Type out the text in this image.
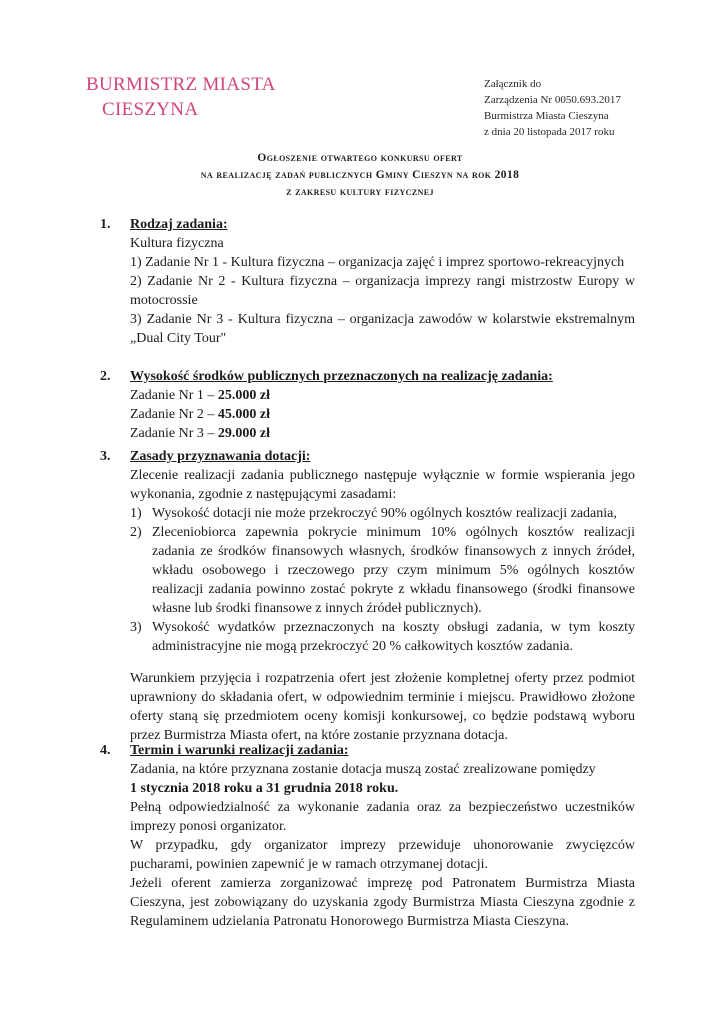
BURMISTRZ MIASTA
CIESZYNA
Załącznik do
Zarządzenia Nr 0050.693.2017
Burmistrza Miasta Cieszyna
z dnia 20 listopada 2017 roku
Ogłoszenie otwartego konkursu ofert
na realizację zadań publicznych Gminy Cieszyn na rok 2018
z zakresu kultury fizycznej
1. Rodzaj zadania:

Kultura fizyczna

1) Zadanie Nr 1 - Kultura fizyczna – organizacja zajęć i imprez sportowo-rekreacyjnych

2) Zadanie Nr 2 - Kultura fizyczna – organizacja imprezy rangi mistrzostw Europy w motocrossie

3) Zadanie Nr 3 - Kultura fizyczna – organizacja zawodów w kolarstwie ekstremalnym „Dual City Tour"

2. Wysokość środków publicznych przeznaczonych na realizację zadania:

Zadanie Nr 1 – 25.000 zł

Zadanie Nr 2 – 45.000 zł

Zadanie Nr 3 – 29.000 zł

3. Zasady przyznawania dotacji:

Zlecenie realizacji zadania publicznego następuje wyłącznie w formie wspierania jego wykonania, zgodnie z następującymi zasadami:

1) Wysokość dotacji nie może przekroczyć 90% ogólnych kosztów realizacji zadania,
2) Zleceniobiorca zapewnia pokrycie minimum 10% ogólnych kosztów realizacji zadania ze środków finansowych własnych, środków finansowych z innych źródeł, wkładu osobowego i rzeczowego przy czym minimum 5% ogólnych kosztów realizacji zadania powinno zostać pokryte z wkładu finansowego (środki finansowe własne lub środki finansowe z innych źródeł publicznych).
3) Wysokość wydatków przeznaczonych na koszty obsługi zadania, w tym koszty administracyjne nie mogą przekroczyć 20 % całkowitych kosztów zadania.

Warunkiem przyjęcia i rozpatrzenia ofert jest złożenie kompletnej oferty przez podmiot uprawniony do składania ofert, w odpowiednim terminie i miejscu. Prawidłowo złożone oferty staną się przedmiotem oceny komisji konkursowej, co będzie podstawą wyboru przez Burmistrza Miasta ofert, na które zostanie przyznana dotacja.

4. Termin i warunki realizacji zadania:

Zadania, na które przyznana zostanie dotacja muszą zostać zrealizowane pomiędzy

1 stycznia 2018 roku a 31 grudnia 2018 roku.

Pełną odpowiedzialność za wykonanie zadania oraz za bezpieczeństwo uczestników imprezy ponosi organizator.

W przypadku, gdy organizator imprezy przewiduje uhonorowanie zwycięzców pucharami, powinien zapewnić je w ramach otrzymanej dotacji.

Jeżeli oferent zamierza zorganizować imprezę pod Patronatem Burmistrza Miasta Cieszyna, jest zobowiązany do uzyskania zgody Burmistrza Miasta Cieszyna zgodnie z Regulaminem udzielania Patronatu Honorowego Burmistrza Miasta Cieszyna.
